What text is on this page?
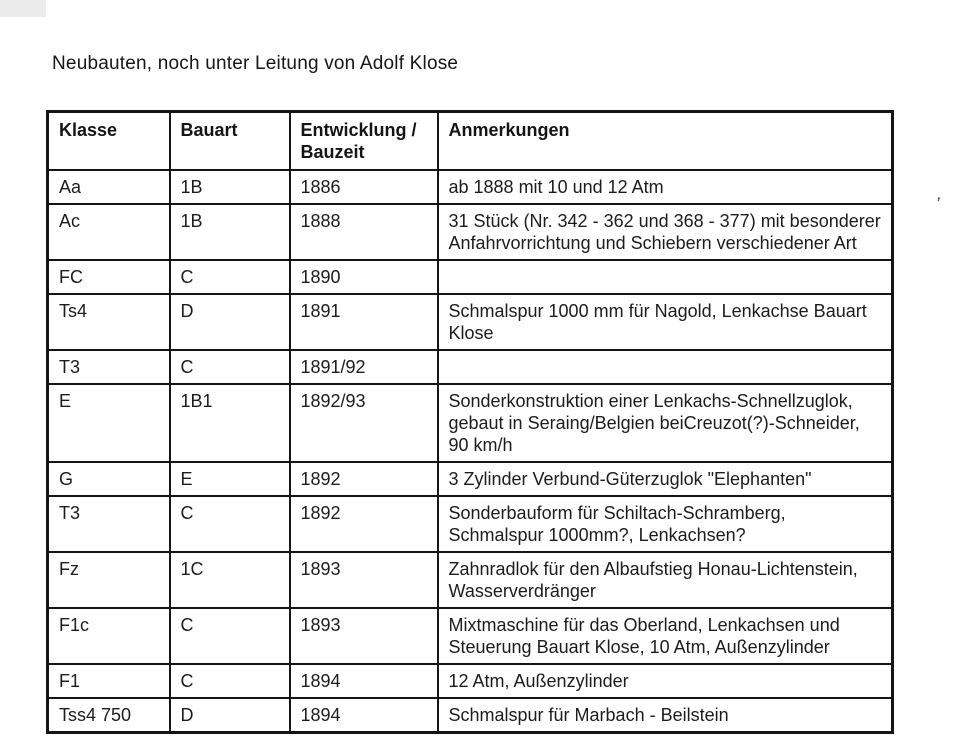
Neubauten, noch unter Leitung von Adolf Klose
Klasse	Bauart	Entwicklung / Bauzeit	Anmerkungen
Aa	1B	1886	ab 1888 mit 10 und 12 Atm
Ac	1B	1888	31 Stück (Nr. 342 - 362 und 368 - 377) mit besonderer Anfahrvorrichtung und Schiebern verschiedener Art
FC	C	1890	
Ts4	D	1891	Schmalspur 1000 mm für Nagold, Lenkachse Bauart Klose
T3	C	1891/92	
E	1B1	1892/93	Sonderkonstruktion einer Lenkachs-Schnellzuglok, gebaut in Seraing/Belgien beiCreuzot(?)-Schneider, 90 km/h
G	E	1892	3 Zylinder Verbund-Güterzuglok "Elephanten"
T3	C	1892	Sonderbauform für Schiltach-Schramberg, Schmalspur 1000mm?, Lenkachsen?
Fz	1C	1893	Zahnradlok für den Albaufstieg Honau-Lichtenstein, Wasserverdränger
F1c	C	1893	Mixtmaschine für das Oberland, Lenkachsen und Steuerung Bauart Klose, 10 Atm, Außenzylinder
F1	C	1894	12 Atm, Außenzylinder
Tss4 750	D	1894	Schmalspur für Marbach - Beilstein
’
